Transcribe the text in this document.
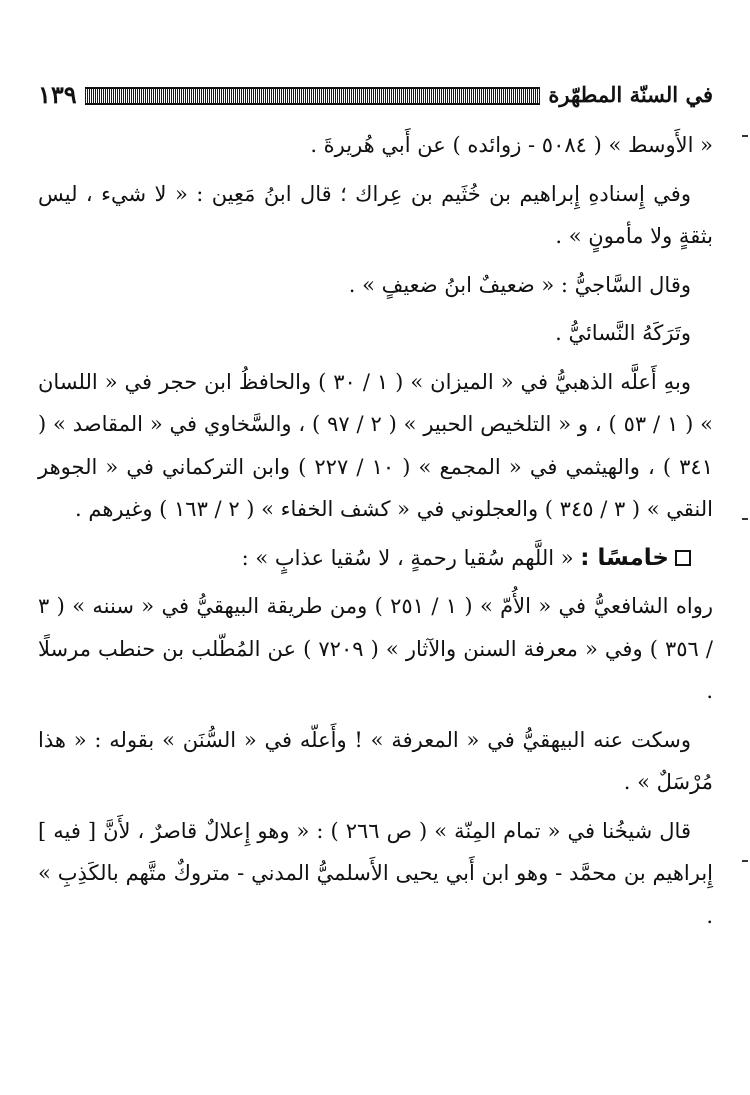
في السنّة المطهّرة
١٣٩

« الأَوسط » ( ٥٠٨٤ - زوائده ) عن أَبي هُريرةَ .

وفي إِسنادهِ إِبراهيم بن خُثَيم بن عِراك ؛ قال ابنُ مَعِين : « لا شيء ، ليس بثقةٍ ولا مأمونٍ » .

وقال السَّاجيُّ : « ضعيفٌ ابنُ ضعيفٍ » .

وتَرَكَهُ النَّسائيُّ .

وبهِ أَعلَّه الذهبيُّ في « الميزان » ( ١ / ٣٠ ) والحافظُ ابن حجر في « اللسان » ( ١ / ٥٣ ) ، و « التلخيص الحبير » ( ٢ / ٩٧ ) ، والسَّخاوي في « المقاصد » ( ٣٤١ ) ، والهيثمي في « المجمع » ( ١٠ / ٢٢٧ ) وابن التركماني في « الجوهر النقي » ( ٣ / ٣٤٥ ) والعجلوني في « كشف الخفاء » ( ٢ / ١٦٣ ) وغيرهم .

خامسًا : « اللَّهم سُقيا رحمةٍ ، لا سُقيا عذابٍ » :

رواه الشافعيُّ في « الأُمّ » ( ١ / ٢٥١ ) ومن طريقة البيهقيُّ في « سننه » ( ٣ / ٣٥٦ ) وفي « معرفة السنن والآثار » ( ٧٢٠٩ ) عن المُطّلب بن حنطب مرسلًا .

وسكت عنه البيهقيُّ في « المعرفة » ! وأَعلّه في « السُّنَن » بقوله : « هذا مُرْسَلٌ » .

قال شيخُنا في « تمام المِنّة » ( ص ٢٦٦ ) : « وهو إِعلالٌ قاصرٌ ، لأَنَّ [ فيه ] إِبراهيم بن محمَّد - وهو ابن أَبي يحيى الأَسلميُّ المدني - متروكٌ متَّهم بالكَذِبِ » .
